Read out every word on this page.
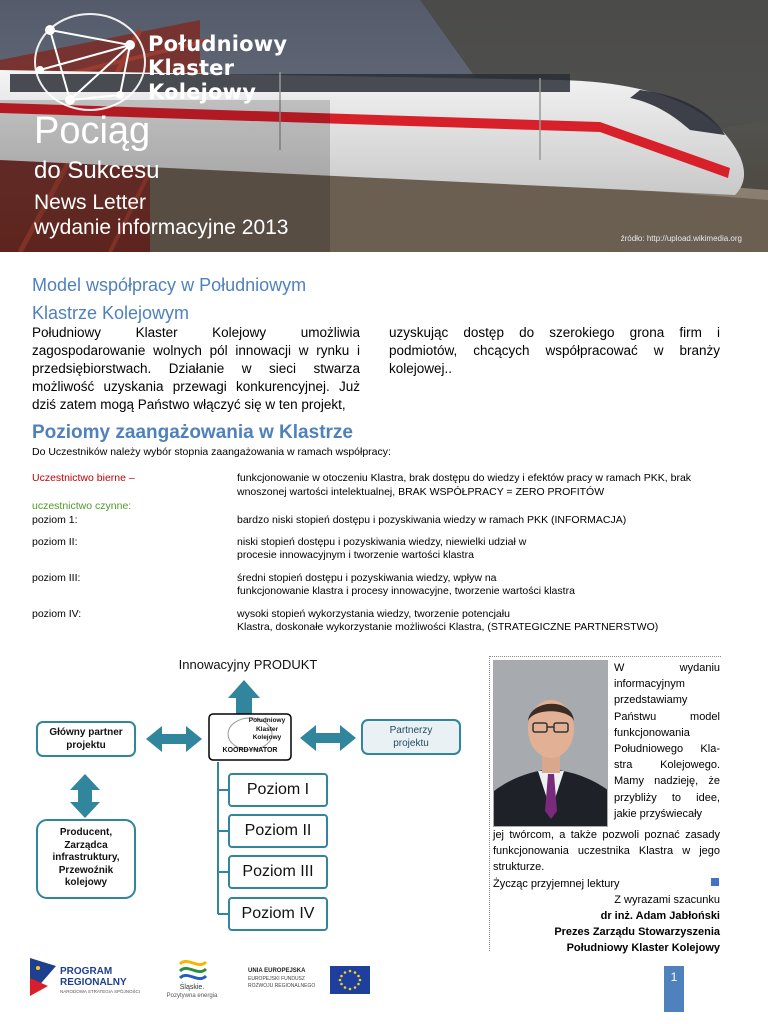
Południowy
Klaster
Kolejowy
Pociąg
do Sukcesu
News Letter
wydanie informacyjne 2013	źródło: http://upload.wikimedia.org
Model współpracy w Południowym
Klastrze Kolejowym
Południowy Klaster Kolejowy umożliwia zagospodarowanie wolnych pól innowacji w rynku i przedsiębiorstwach. Działanie w sieci stwarza możliwość uzyskania przewagi konkurencyjnej. Już dziś zatem mogą Państwo włączyć się w ten projekt,
uzyskując dostęp do szerokiego grona firm i podmiotów, chcących współpracować w branży kolejowej..
Poziomy zaangażowania w Klastrze
Do Uczestników należy wybór stopnia zaangażowania w ramach współpracy:
Uczestnictwo bierne –	funkcjonowanie w otoczeniu Klastra, brak dostępu do wiedzy i efektów pracy w ramach PKK, brak
wnoszonej wartości intelektualnej, BRAK WSPÓŁPRACY = ZERO PROFITÓW
uczestnictwo czynne:
poziom 1:	bardzo niski stopień dostępu i pozyskiwania wiedzy w ramach PKK (INFORMACJA)
poziom II:	niski stopień dostępu i pozyskiwania wiedzy, niewielki udział w
procesie innowacyjnym i tworzenie wartości klastra
poziom III:	średni stopień dostępu i pozyskiwania wiedzy, wpływ na
funkcjonowanie klastra i procesy innowacyjne, tworzenie wartości klastra
poziom IV:	wysoki stopień wykorzystania wiedzy, tworzenie potencjału
Klastra, doskonałe wykorzystanie możliwości Klastra, (STRATEGICZNE PARTNERSTWO)
Innowacyjny PRODUKT
Główny partner
projektu
Partnerzy
projektu
Producent,
Zarządca
infrastruktury,
Przewoźnik
kolejowy
Południowy
Klaster
Kolejowy
KOORDYNATOR
Poziom I
Poziom II
Poziom III
Poziom IV
W wydaniu informacyjnym przedstawiamy Państwu model funkcjonowania Południowego Kla-stra Kolejowego. Mamy nadzieję, że przybliży to idee, jakie przyświecały
jej twórcom, a także pozwoli poznać zasady funkcjonowania uczestnika Klastra w jego strukturze.
Życząc przyjemnej lektury
Z wyrazami szacunku
dr inż. Adam Jabłoński
Prezes Zarządu Stowarzyszenia
Południowy Klaster Kolejowy
PROGRAM
REGIONALNY
NARODOWA STRATEGIA SPÓJNOŚCI
Śląskie.
Pozytywna energia
UNIA EUROPEJSKA
EUROPEJSKI FUNDUSZ
ROZWOJU REGIONALNEGO
1
